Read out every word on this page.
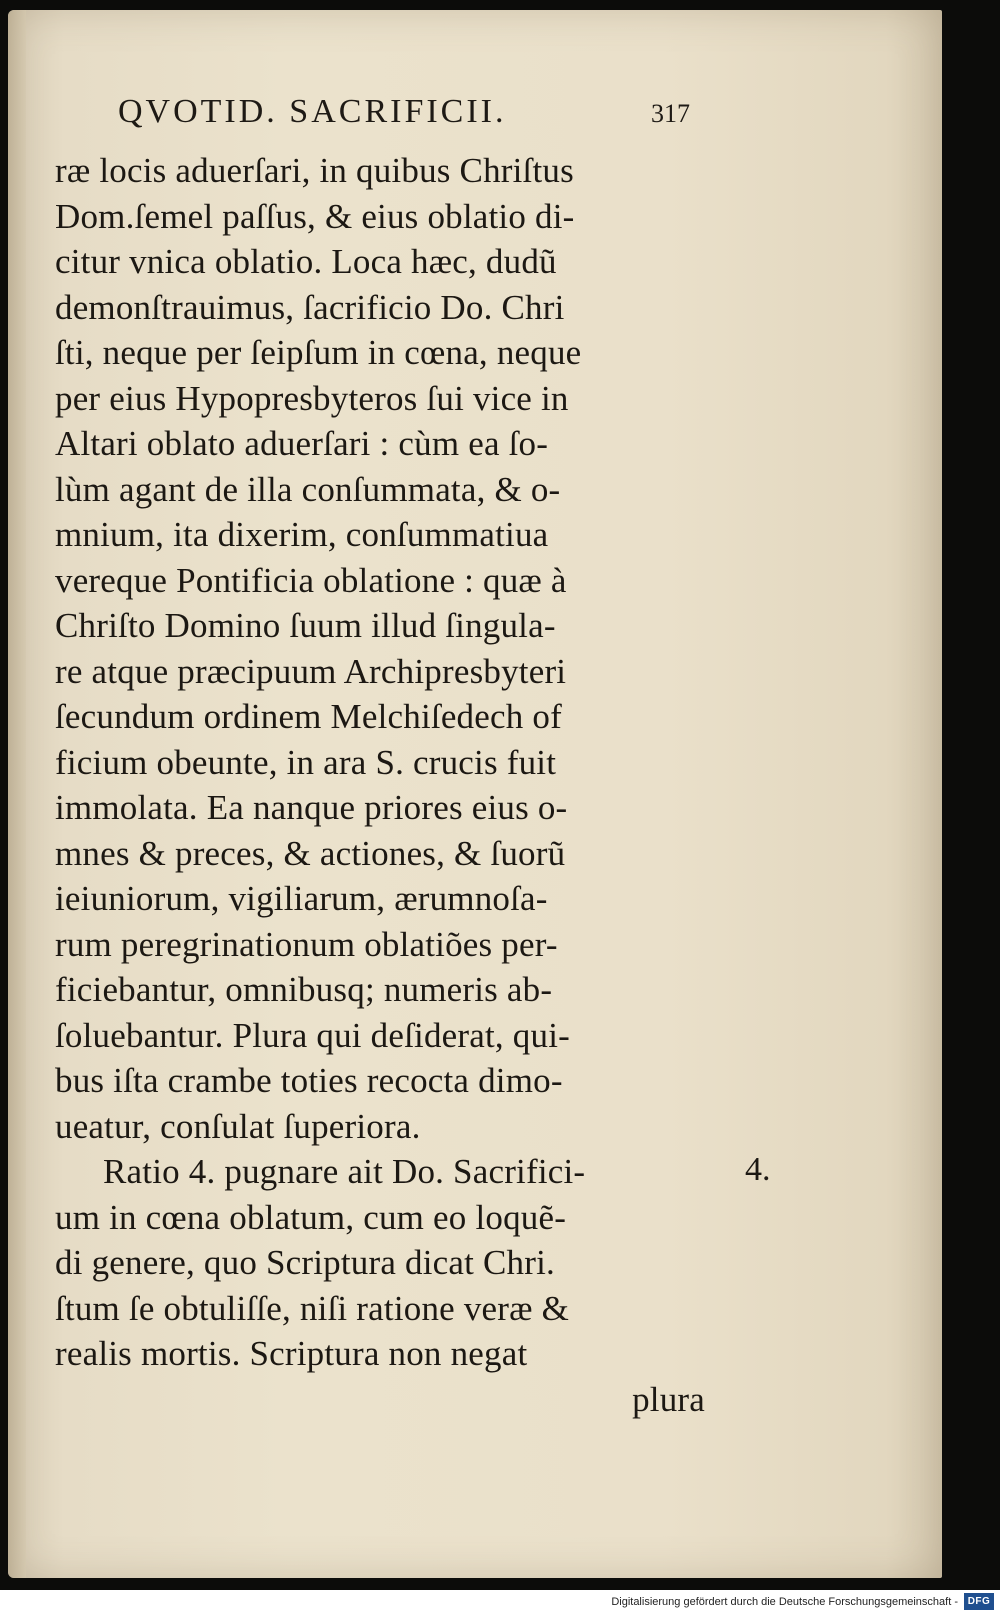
QVOTID. SACRIFICII.	317
ræ locis aduerſari, in quibus Chriſtus
Dom.ſemel paſſus, & eius oblatio di-
citur vnica oblatio. Loca hæc, dudũ
demonſtrauimus, ſacrificio Do. Chri
ſti, neque per ſeipſum in cœna, neque
per eius Hypopresbyteros ſui vice in
Altari oblato aduerſari : cùm ea ſo-
lùm agant de illa conſummata, & o-
mnium, ita dixerim, conſummatiua
vereque Pontificia oblatione : quæ à
Chriſto Domino ſuum illud ſingula-
re atque præcipuum Archipresbyteri
ſecundum ordinem Melchiſedech of
ficium obeunte, in ara S. crucis fuit
immolata. Ea nanque priores eius o-
mnes & preces, & actiones, & ſuorũ
ieiuniorum, vigiliarum, ærumnoſa-
rum peregrinationum oblatiões per-
ficiebantur, omnibusq; numeris ab-
ſoluebantur. Plura qui deſiderat, qui-
bus iſta crambe toties recocta dimo-
ueatur, conſulat ſuperiora.
Ratio 4. pugnare ait Do. Sacrifici-
um in cœna oblatum, cum eo loquẽ-
di genere, quo Scriptura dicat Chri.
ſtum ſe obtuliſſe, niſi ratione veræ &
realis mortis. Scriptura non negat
plura
4.
Digitalisierung gefördert durch die Deutsche Forschungsgemeinschaft - DFG
